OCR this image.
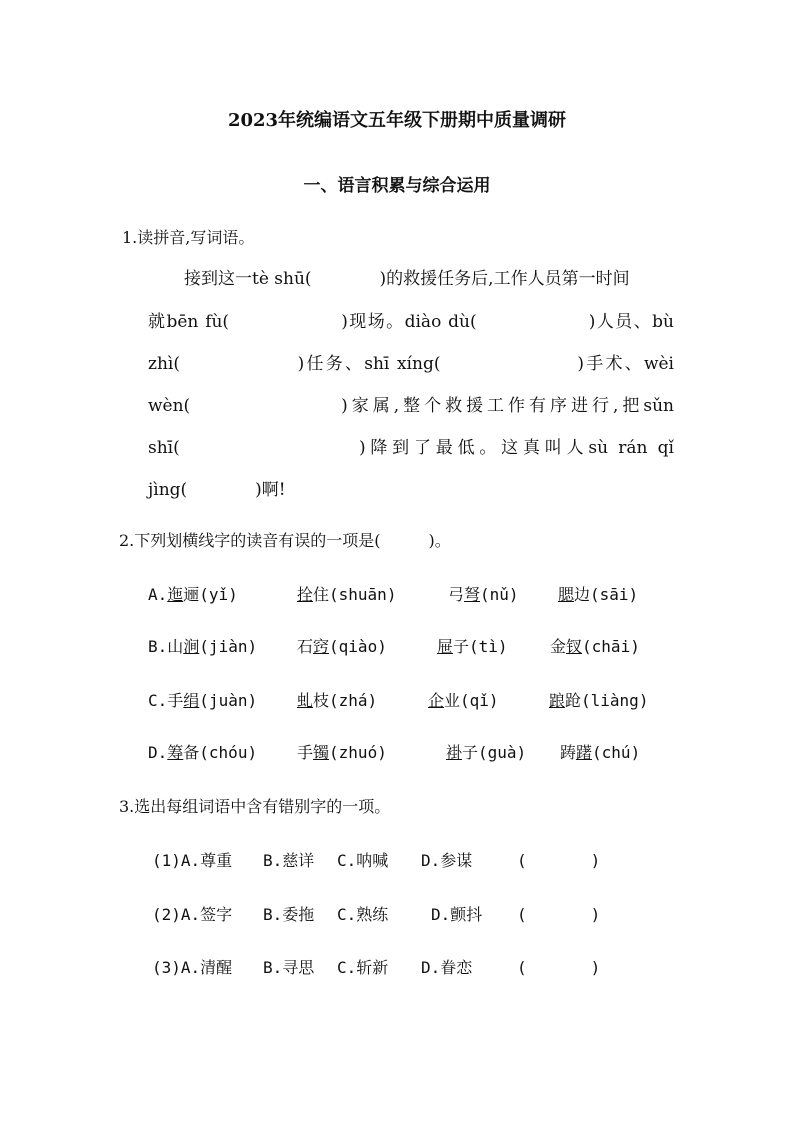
2023年统编语文五年级下册期中质量调研
一、语言积累与综合运用
1.读拼音,写词语。
接到这一tè shū(　　　　)的救援任务后,工作人员第一时间
就bēn fù(　　　　　　)现场。diào dù(　　　　　　)人员、bù
zhì(　　　　　　)任务、shī xíng(　　　　　　　)手术、wèi
wèn(　　　　　　　)家属,整个救援工作有序进行,把sǔn
shī(　　　　　　　　)降到了最低。这真叫人sù rán qǐ
jìng(　　　　)啊!
2.下列划横线字的读音有误的一项是(　　　)。
A.迤逦(yǐ)	拴住(shuān)	弓弩(nǔ) 腮边(sāi)
B.山涧(jiàn) 石窍(qiào)	屉子(tì)	金钗(chāi)
C.手绢(juàn) 虬枝(zhá)	企业(qǐ)	踉跄(liàng)
D.筹备(chóu) 手镯(zhuó)	褂子(guà) 踌躇(chú)
3.选出每组词语中含有错别字的一项。
(1)A.尊重 B.慈详 C.呐喊 D.参谋	(　　　　)
(2)A.签字 B.委拖 C.熟练	D.颤抖 (　　　　)
(3)A.清醒 B.寻思 C.斩新 D.眷恋	(　　　　)
